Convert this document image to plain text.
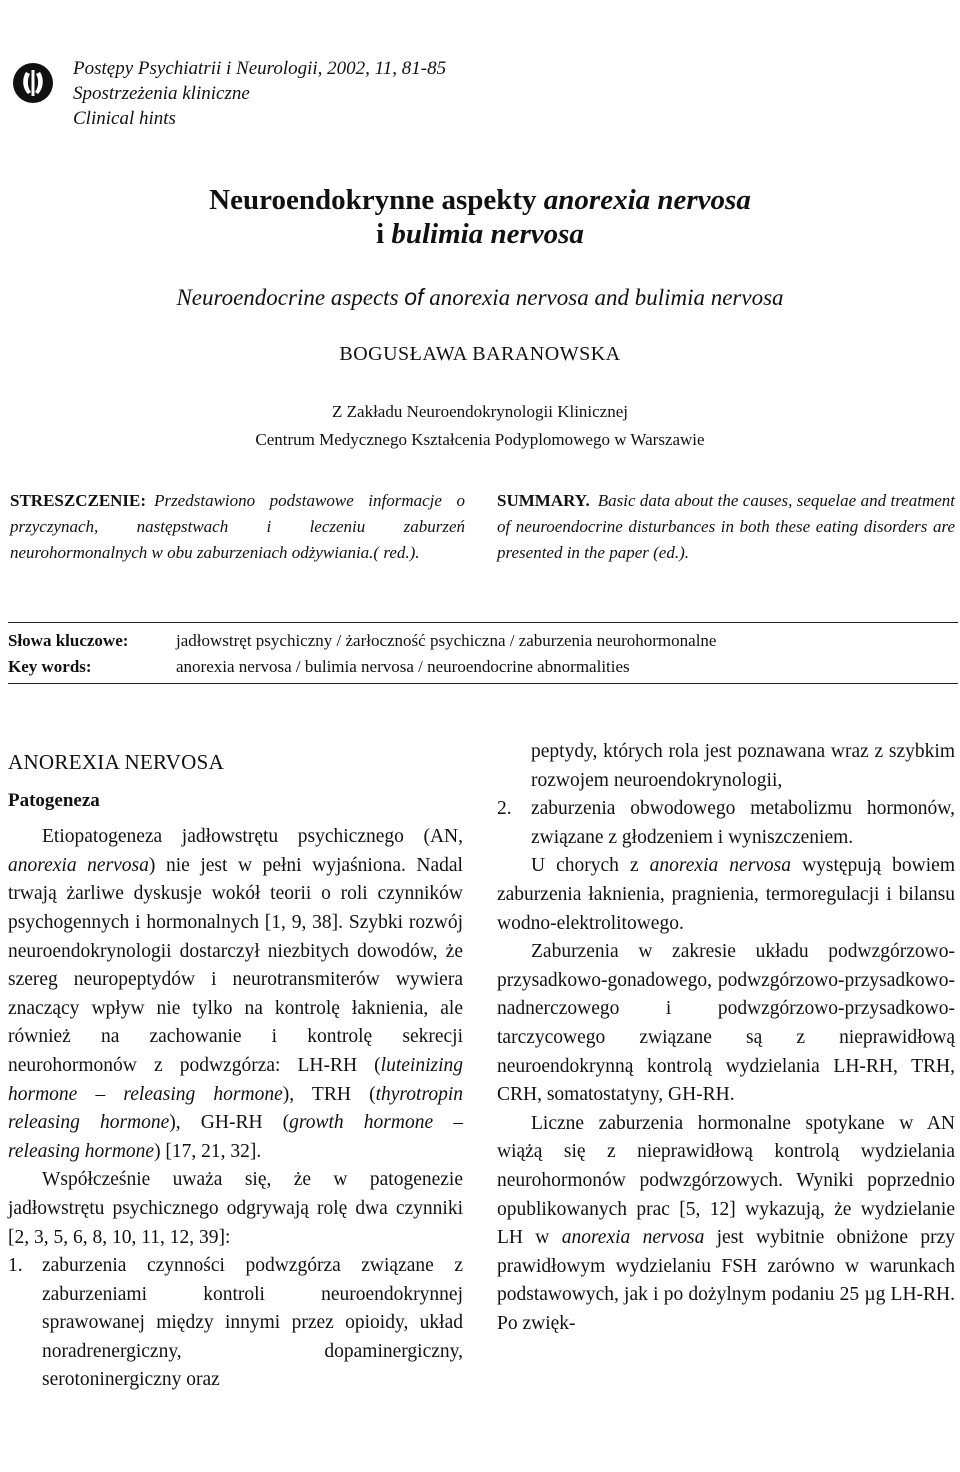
Postępy Psychiatrii i Neurologii, 2002, 11, 81-85
Spostrzeżenia kliniczne
Clinical hints
Neuroendokrynne aspekty anorexia nervosa
i bulimia nervosa
Neuroendocrine aspects of anorexia nervosa and bulimia nervosa
BOGUSŁAWA BARANOWSKA
Z Zakładu Neuroendokrynologii Klinicznej
Centrum Medycznego Kształcenia Podyplomowego w Warszawie
STRESZCZENIE: Przedstawiono podstawowe informacje o przyczynach, następstwach i leczeniu zaburzeń neurohormonalnych w obu zaburzeniach odżywiania.( red.).
SUMMARY. Basic data about the causes, sequelae and treatment of neuroendocrine disturbances in both these eating disorders are presented in the paper (ed.).
Słowa kluczowe:	jadłowstręt psychiczny / żarłoczność psychiczna / zaburzenia neurohormonalne
Key words:	anorexia nervosa / bulimia nervosa / neuroendocrine abnormalities
ANOREXIA NERVOSA
Patogeneza

Etiopatogeneza jadłowstrętu psychicznego (AN, anorexia nervosa) nie jest w pełni wyjaśniona. Nadal trwają żarliwe dyskusje wokół teorii o roli czynników psychogennych i hormonalnych [1, 9, 38]. Szybki rozwój neuroendokrynologii dostarczył niezbitych dowodów, że szereg neuropeptydów i neurotransmiterów wywiera znaczący wpływ nie tylko na kontrolę łaknienia, ale również na zachowanie i kontrolę sekrecji neurohormonów z podwzgórza: LH-RH (luteinizing hormone – releasing hormone), TRH (thyrotropin releasing hormone), GH-RH (growth hormone – releasing hormone) [17, 21, 32].

Współcześnie uważa się, że w patogenezie jadłowstrętu psychicznego odgrywają rolę dwa czynniki [2, 3, 5, 6, 8, 10, 11, 12, 39]:

1. zaburzenia czynności podwzgórza związane z zaburzeniami kontroli neuroendokrynnej sprawowanej między innymi przez opioidy, układ noradrenergiczny, dopaminergiczny, serotoninergiczny oraz

peptydy, których rola jest poznawana wraz z szybkim rozwojem neuroendokrynologii,

2. zaburzenia obwodowego metabolizmu hormonów, związane z głodzeniem i wyniszczeniem.

U chorych z anorexia nervosa występują bowiem zaburzenia łaknienia, pragnienia, termoregulacji i bilansu wodno-elektrolitowego.

Zaburzenia w zakresie układu podwzgórzowo-przysadkowo-gonadowego, podwzgórzowo-przysadkowo-nadnerczowego i podwzgórzowo-przysadkowo-tarczycowego związane są z nieprawidłową neuroendokrynną kontrolą wydzielania LH-RH, TRH, CRH, somatostatyny, GH-RH.

Liczne zaburzenia hormonalne spotykane w AN wiążą się z nieprawidłową kontrolą wydzielania neurohormonów podwzgórzowych. Wyniki poprzednio opublikowanych prac [5, 12] wykazują, że wydzielanie LH w anorexia nervosa jest wybitnie obniżone przy prawidłowym wydzielaniu FSH zarówno w warunkach podstawowych, jak i po dożylnym podaniu 25 µg LH-RH. Po zwięk-
